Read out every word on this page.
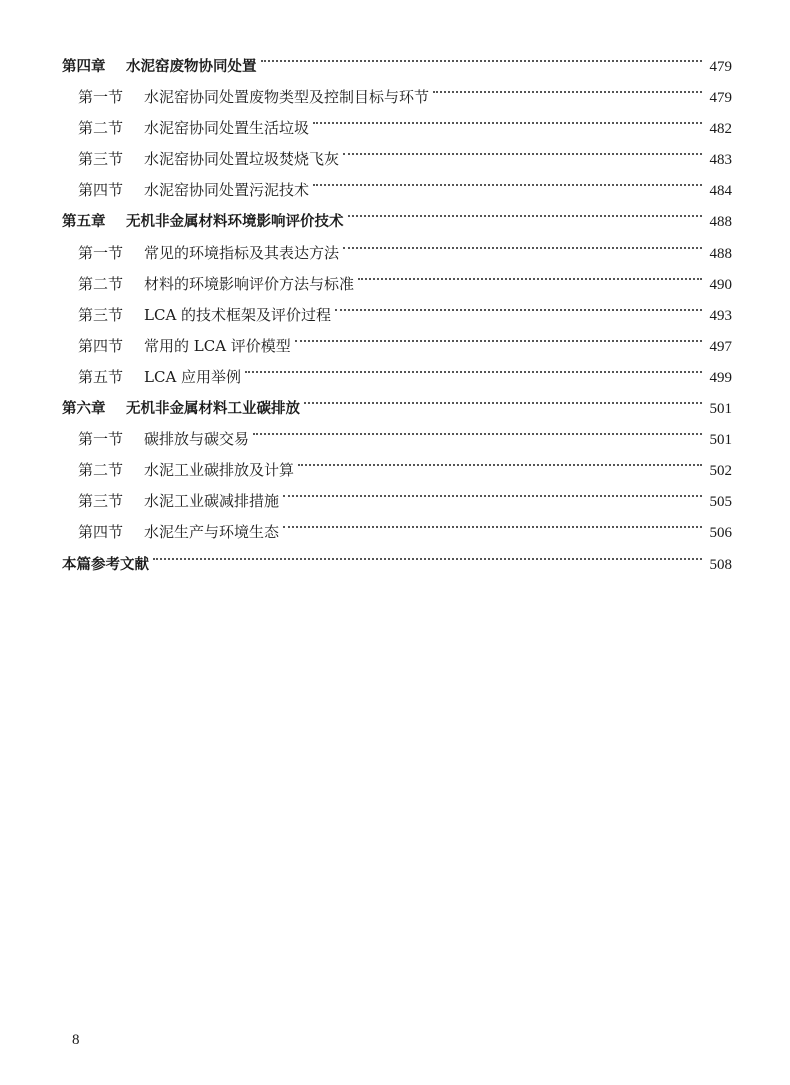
第四章	水泥窑废物协同处置	479
第一节	水泥窑协同处置废物类型及控制目标与环节	479
第二节	水泥窑协同处置生活垃圾	482
第三节	水泥窑协同处置垃圾焚烧飞灰	483
第四节	水泥窑协同处置污泥技术	484
第五章	无机非金属材料环境影响评价技术	488
第一节	常见的环境指标及其表达方法	488
第二节	材料的环境影响评价方法与标准	490
第三节	LCA 的技术框架及评价过程	493
第四节	常用的 LCA 评价模型	497
第五节	LCA 应用举例	499
第六章	无机非金属材料工业碳排放	501
第一节	碳排放与碳交易	501
第二节	水泥工业碳排放及计算	502
第三节	水泥工业碳减排措施	505
第四节	水泥生产与环境生态	506
本篇参考文献	508
8
